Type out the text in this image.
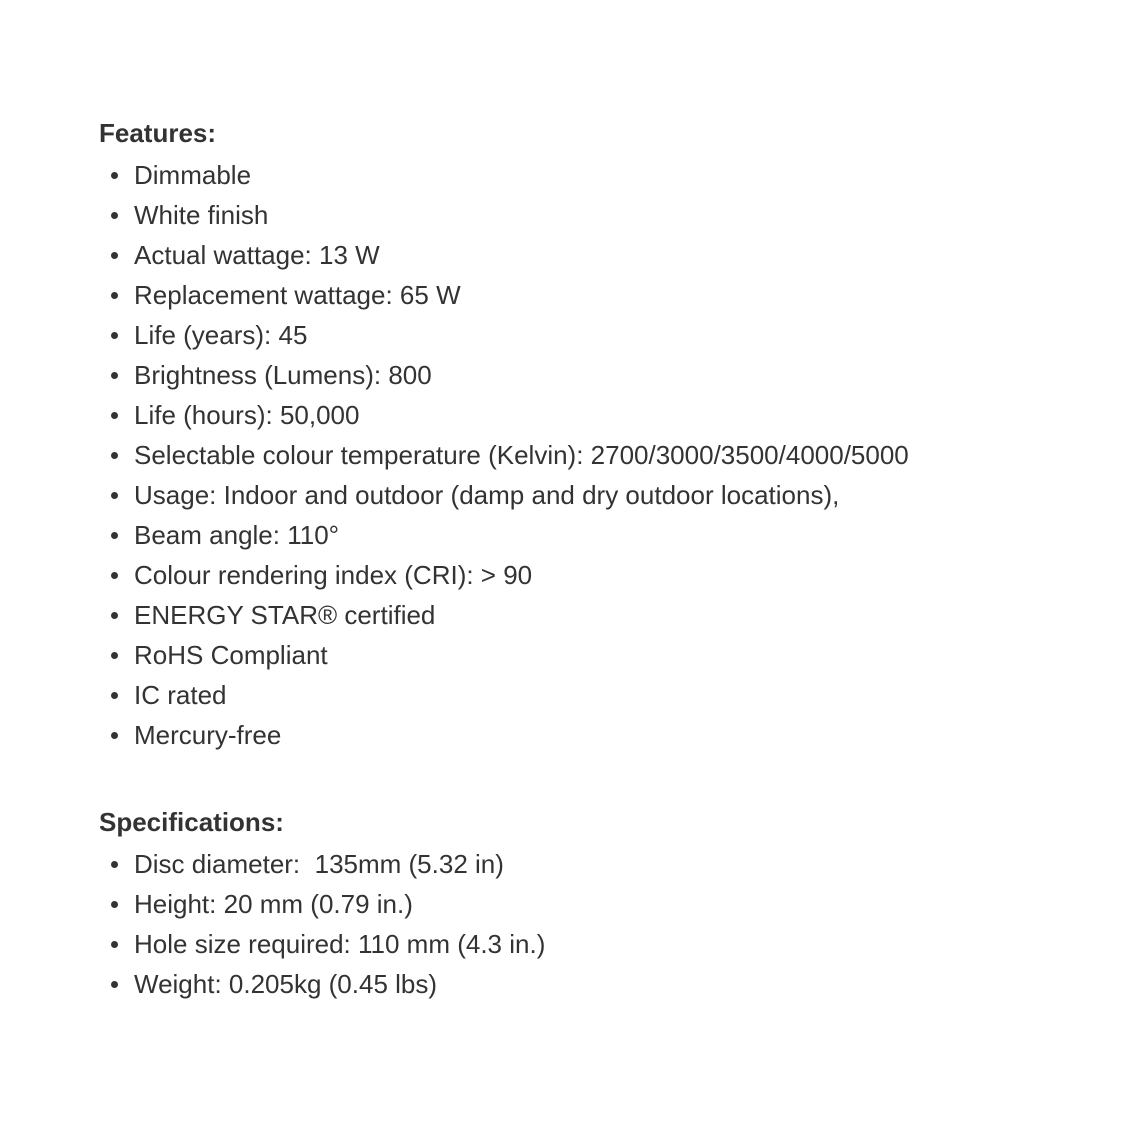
Features:
Dimmable
White finish
Actual wattage: 13 W
Replacement wattage: 65 W
Life (years): 45
Brightness (Lumens): 800
Life (hours): 50,000
Selectable colour temperature (Kelvin): 2700/3000/3500/4000/5000
Usage: Indoor and outdoor (damp and dry outdoor locations),
Beam angle: 110°
Colour rendering index (CRI): > 90
ENERGY STAR® certified
RoHS Compliant
IC rated
Mercury-free
Specifications:
Disc diameter:  135mm (5.32 in)
Height: 20 mm (0.79 in.)
Hole size required: 110 mm (4.3 in.)
Weight: 0.205kg (0.45 lbs)
